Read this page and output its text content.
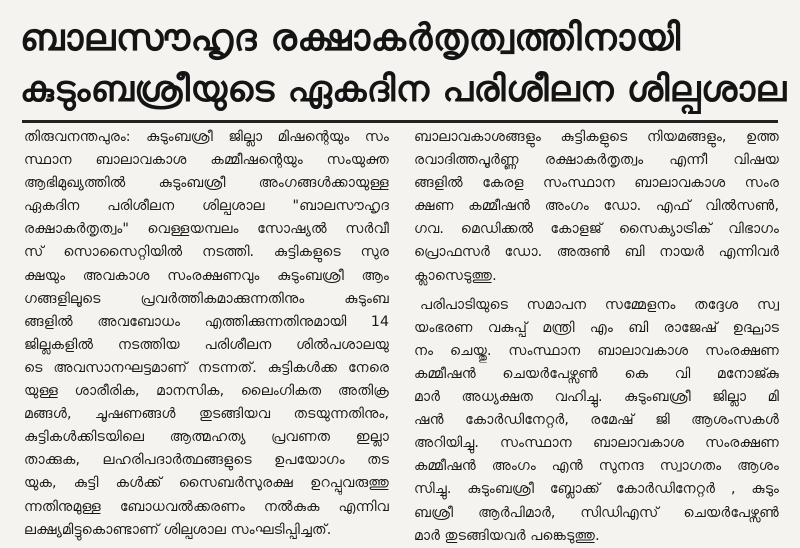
ബാലസൗഹൃദ രക്ഷാകർതൃത്വത്തിനായി
കുടുംബശ്രീയുടെ ഏകദിന പരിശീലന ശില്പശാല

തിരുവനന്തപുരം: കുടുംബശ്രീ ജില്ലാ മിഷന്റെയും സം
സ്ഥാന ബാലാവകാശ കമ്മീഷന്റെയും സംയുക്ത
ആഭിമുഖ്യത്തിൽ കുടുംബശ്രീ അംഗങ്ങൾക്കായുള്ള
ഏകദിന പരിശീലന ശില്പശാല "ബാലസൗഹൃദ
രക്ഷാകർതൃത്വം" വെള്ളയമ്പലം സോഷ്യൽ സർവീ
സ് സൊസൈറ്റിയിൽ നടത്തി. കുട്ടികളുടെ സുര
ക്ഷയും അവകാശ സംരക്ഷണവും കുടുംബശ്രീ ആം
ഗങ്ങളിലൂടെ പ്രവർത്തികമാക്കുന്നതിനും കുടുംബ
ങ്ങളിൽ അവബോധം എത്തിക്കുന്നതിനുമായി 14
ജില്ലകളിൽ നടത്തിയ പരിശീലന ശിൽപശാലയു
ടെ അവസാനഘട്ടമാണ് നടന്നത്. കുട്ടികൾക്ക നേരെ
യുള്ള ശാരീരിക, മാനസിക, ലൈംഗികത അതിക്ര
മങ്ങൾ, ചൂഷണങ്ങൾ തുടങ്ങിയവ തടയുന്നതിനും,
കുട്ടികൾക്കിടയിലെ ആത്മഹത്യ പ്രവണത ഇല്ലാ
താക്കുക, ലഹരിപദാർത്ഥങ്ങളുടെ ഉപയോഗം തട
യുക, കുട്ടി കൾക്ക് സൈബർസുരക്ഷ ഉറപ്പുവരുത്തു
ന്നതിനുമുള്ള ബോധവൽക്കരണം നൽകുക എന്നിവ
ലക്ഷ്യമിട്ടുകൊണ്ടാണ് ശില്പശാല സംഘടിപ്പിച്ചത്.

ബാലാവകാശങ്ങളും കുട്ടികളുടെ നിയമങ്ങളും, ഉത്ത
രവാദിത്തപൂർണ്ണ രക്ഷാകർതൃത്വം എന്നീ വിഷയ
ങ്ങളിൽ കേരള സംസ്ഥാന ബാലാവകാശ സംര
ക്ഷണ കമ്മീഷൻ അംഗം ഡോ. എഫ് വിൽസൺ,
ഗവ. മെഡിക്കൽ കോളജ് സൈക്യാട്രിക് വിഭാഗം
പ്രൊഫസർ ഡോ. അരുൺ ബി നായർ എന്നിവർ
ക്ലാസെടുത്തു.

പരിപാടിയുടെ സമാപന സമ്മേളനം തദ്ദേശ സ്വ
യംഭരണ വകുപ്പ് മന്ത്രി എം ബി രാജേഷ് ഉദ്ഘാട
നം ചെയ്തു. സംസ്ഥാന ബാലാവകാശ സംരക്ഷണ
കമ്മീഷൻ ചെയർപേഴ്സൺ കെ വി മനോജ്കു
മാർ അധ്യക്ഷത വഹിച്ചു. കുടുംബശ്രീ ജില്ലാ മി
ഷൻ കോർഡിനേറ്റർ, രമേഷ് ജി ആശംസകൾ
അറിയിച്ചു. സംസ്ഥാന ബാലാവകാശ സംരക്ഷണ
കമ്മീഷൻ അംഗം എൻ സുനന്ദ സ്വാഗതം ആശം
സിച്ചു. കുടുംബശ്രീ ബ്ലോക്ക് കോർഡിനേറ്റർ , കുടും
ബശ്രീ ആർപിമാർ, സിഡിഎസ് ചെയർപേഴ്സൺ
മാർ തുടങ്ങിയവർ പങ്കെടുത്തു.
